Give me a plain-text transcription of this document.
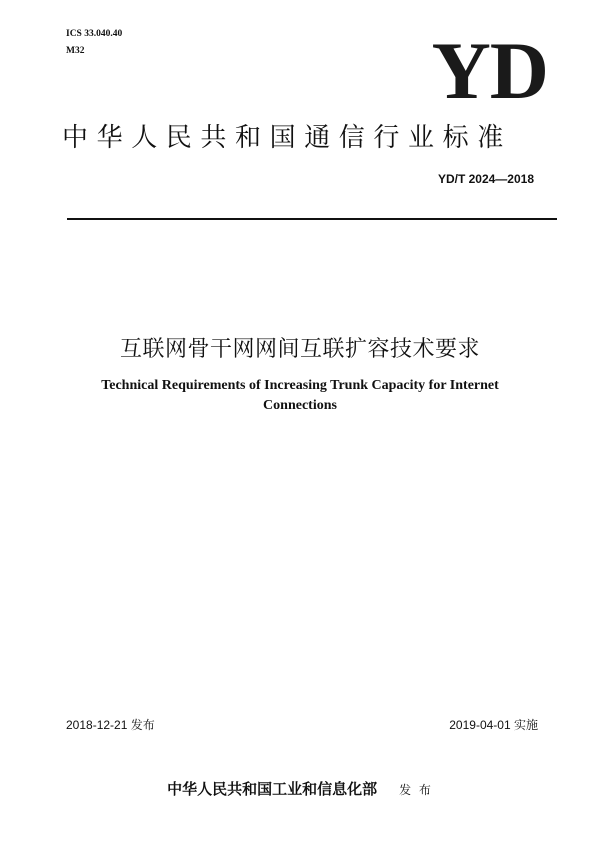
ICS 33.040.40
M32	YD
中华人民共和国通信行业标准
YD/T 2024—2018
互联网骨干网网间互联扩容技术要求
Technical Requirements of Increasing Trunk Capacity for Internet Connections
2018-12-21 发布	2019-04-01 实施
中华人民共和国工业和信息化部 发 布
